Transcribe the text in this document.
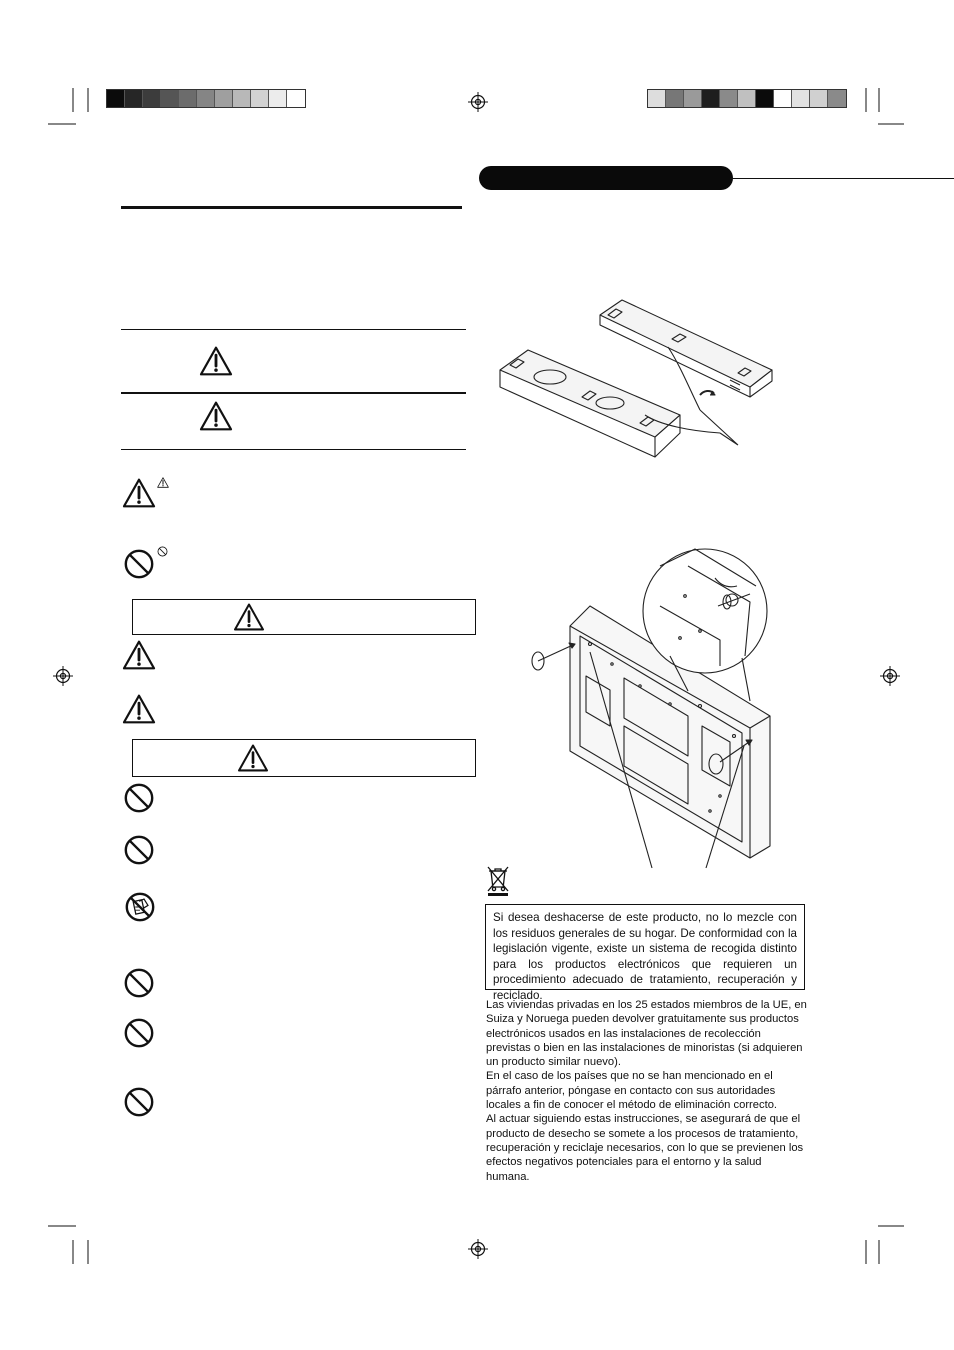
Si desea deshacerse de este producto, no lo mezcle con los residuos generales de su hogar. De conformidad con la legislación vigente, existe un sistema de recogida distinto para los productos electrónicos que requieren un procedimiento adecuado de tratamiento, recuperación y reciclado.

Las viviendas privadas en los 25 estados miembros de la UE, en Suiza y Noruega pueden devolver gratuitamente sus productos electrónicos usados en las instalaciones de recolección previstas o bien en las instalaciones de minoristas (si adquieren un producto similar nuevo).

En el caso de los países que no se han mencionado en el párrafo anterior, póngase en contacto con sus autoridades locales a fin de conocer el método de eliminación correcto.

Al actuar siguiendo estas instrucciones, se asegurará de que el producto de desecho se somete a los procesos de tratamiento, recuperación y reciclaje necesarios, con lo que se previenen los efectos negativos potenciales para el entorno y la salud humana.
